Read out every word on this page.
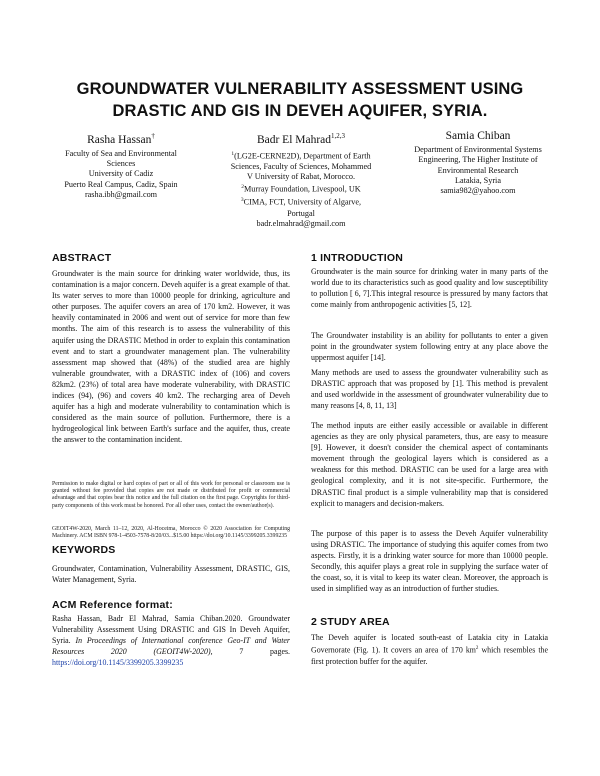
GROUNDWATER VULNERABILITY ASSESSMENT USING
DRASTIC AND GIS IN DEVEH AQUIFER, SYRIA.
Rasha Hassan†
Faculty of Sea and Environmental
Sciences
University of Cadiz
Puerto Real Campus, Cadiz, Spain
rasha.ibh@gmail.com
Badr El Mahrad$^{1,2,3}$
$^1$(LG2E-CERNE2D), Department of Earth Sciences, Faculty of Sciences, Mohammed V University of Rabat, Morocco.
$^2$Murray Foundation, Livespool, UK
$^3$CIMA, FCT, University of Algarve, Portugal
badr.elmahrad@gmail.com
Samia Chiban
Department of Environmental Systems
Engineering, The Higher Institute of
Environmental Research
Latakia, Syria
samia982@yahoo.com
ABSTRACT
Groundwater is the main source for drinking water worldwide, thus, its contamination is a major concern. Deveh aquifer is a great example of that. Its water serves to more than 10000 people for drinking, agriculture and other purposes. The aquifer covers an area of 170 km2. However, it was heavily contaminated in 2006 and went out of service for more than few months. The aim of this research is to assess the vulnerability of this aquifer using the DRASTIC Method in order to explain this contamination event and to start a groundwater management plan. The vulnerability assessment map showed that (48%) of the studied area are highly vulnerable groundwater, with a DRASTIC index of (106) and covers 82km2. (23%) of total area have moderate vulnerability, with DRASTIC indices (94), (96) and covers 40 km2. The recharging area of Deveh aquifer has a high and moderate vulnerability to contamination which is considered as the main source of pollution. Furthermore, there is a hydrogeological link between Earth's surface and the aquifer, thus, create the answer to the contamination incident.
Permission to make digital or hard copies of part or all of this work for personal or classroom use is granted without fee provided that copies are not made or distributed for profit or commercial advantage and that copies bear this notice and the full citation on the first page. Copyrights for third-party components of this work must be honored. For all other uses, contact the owner/author(s).
GEOIT4W-2020, March 11–12, 2020, Al-Hoceima, Morocco © 2020 Association for Computing Machinery. ACM ISBN 978-1-4503-7578-8/20/03...$15.00 https://doi.org/10.1145/3399205.3399235
KEYWORDS
Groundwater, Contamination, Vulnerability Assessment, DRASTIC, GIS, Water Management, Syria.
ACM Reference format:
Rasha Hassan, Badr El Mahrad, Samia Chiban.2020. Groundwater Vulnerability Assessment Using DRASTIC and GIS In Deveh Aquifer, Syria. In Proceedings of International conference Geo-IT and Water Resources 2020 (GEOIT4W-2020), 7 pages. https://doi.org/10.1145/3399205.3399235
1 INTRODUCTION
Groundwater is the main source for drinking water in many parts of the world due to its characteristics such as good quality and low susceptibility to pollution [ 6, 7].This integral resource is pressured by many factors that come mainly from anthropogenic activities [5, 12].
The Groundwater instability is an ability for pollutants to enter a given point in the groundwater system following entry at any place above the uppermost aquifer [14].
Many methods are used to assess the groundwater vulnerability such as DRASTIC approach that was proposed by [1]. This method is prevalent and used worldwide in the assessment of groundwater vulnerability due to many reasons [4, 8, 11, 13]
The method inputs are either easily accessible or available in different agencies as they are only physical parameters, thus, are easy to measure [9]. However, it doesn't consider the chemical aspect of contaminants movement through the geological layers which is considered as a weakness for this method. DRASTIC can be used for a large area with geological complexity, and it is not site-specific. Furthermore, the DRASTIC final product is a simple vulnerability map that is considered explicit to managers and decision-makers.
The purpose of this paper is to assess the Deveh Aquifer vulnerability using DRASTIC. The importance of studying this aquifer comes from two aspects. Firstly, it is a drinking water source for more than 10000 people. Secondly, this aquifer plays a great role in supplying the surface water of the coast, so, it is vital to keep its water clean. Moreover, the approach is used in simplified way as an introduction of further studies.
2 STUDY AREA
The Deveh aquifer is located south-east of Latakia city in Latakia Governorate (Fig. 1). It covers an area of 170 $km^2$ which resembles the first protection buffer for the aquifer.
